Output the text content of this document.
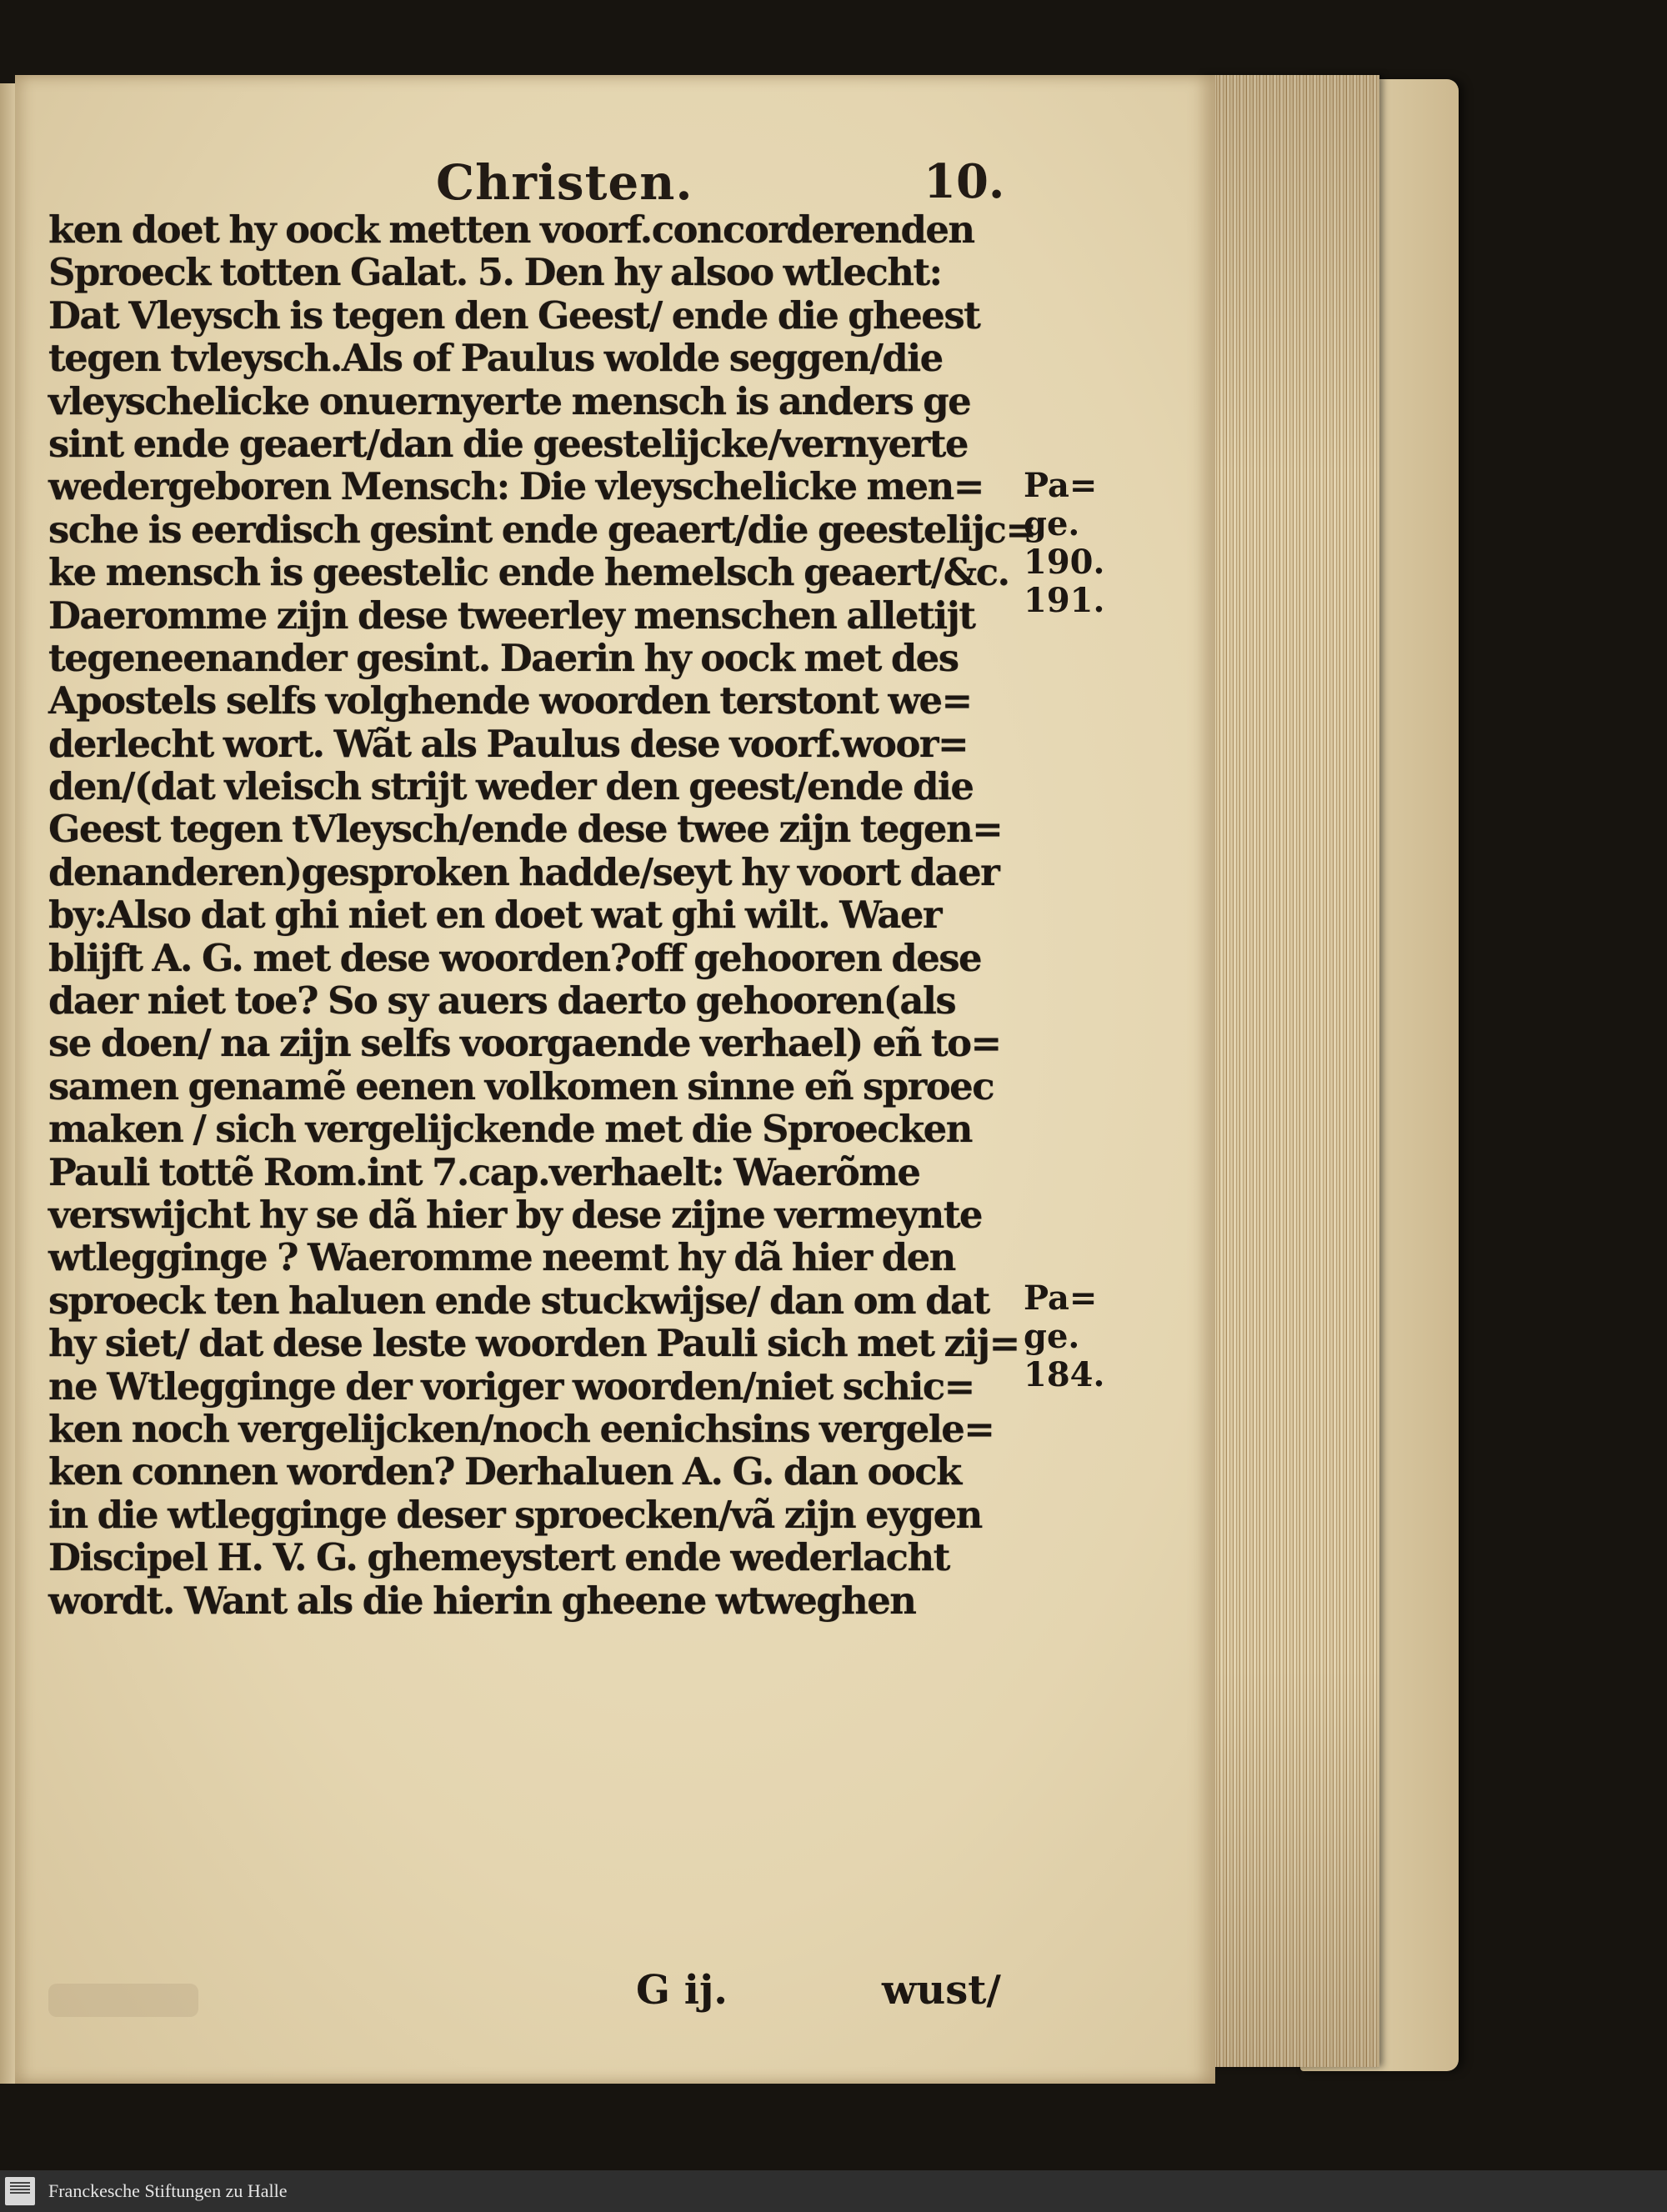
Christen.	10.
ken doet hy oock metten voorf.concorderenden
Sproeck totten Galat. 5. Den hy alsoo wtlecht:
Dat Vleysch is tegen den Geest/ ende die gheest
tegen tvleysch.Als of Paulus wolde seggen/die
vleyschelicke onuernyerte mensch is anders ge
sint ende geaert/dan die geestelijcke/vernyerte
wedergeboren Mensch: Die vleyschelicke men=
sche is eerdisch gesint ende geaert/die geestelijc=
ke mensch is geestelic ende hemelsch geaert/&c.
Daeromme zijn dese tweerley menschen alletijt
tegeneenander gesint. Daerin hy oock met des
Apostels selfs volghende woorden terstont we=
derlecht wort. Wãt als Paulus dese voorf.woor=
den/(dat vleisch strijt weder den geest/ende die
Geest tegen tVleysch/ende dese twee zijn tegen=
denanderen)gesproken hadde/seyt hy voort daer
by:Also dat ghi niet en doet wat ghi wilt. Waer
blijft A. G. met dese woorden?off gehooren dese
daer niet toe? So sy auers daerto gehooren(als
se doen/ na zijn selfs voorgaende verhael) eñ to=
samen genamẽ eenen volkomen sinne eñ sproec
maken / sich vergelijckende met die Sproecken
Pauli tottẽ Rom.int 7.cap.verhaelt: Waerõme
verswijcht hy se dã hier by dese zijne vermeynte
wtlegginge ? Waeromme neemt hy dã hier den
sproeck ten haluen ende stuckwijse/ dan om dat
hy siet/ dat dese leste woorden Pauli sich met zij=
ne Wtlegginge der voriger woorden/niet schic=
ken noch vergelijcken/noch eenichsins vergele=
ken connen worden? Derhaluen A. G. dan oock
in die wtlegginge deser sproecken/vã zijn eygen
Discipel H. V. G. ghemeystert ende wederlacht
wordt. Want als die hierin gheene wtweghen
Pa=
ge.
190.
191.
Pa=
ge.
184.
G ij.	wust/
Franckesche Stiftungen zu Halle
